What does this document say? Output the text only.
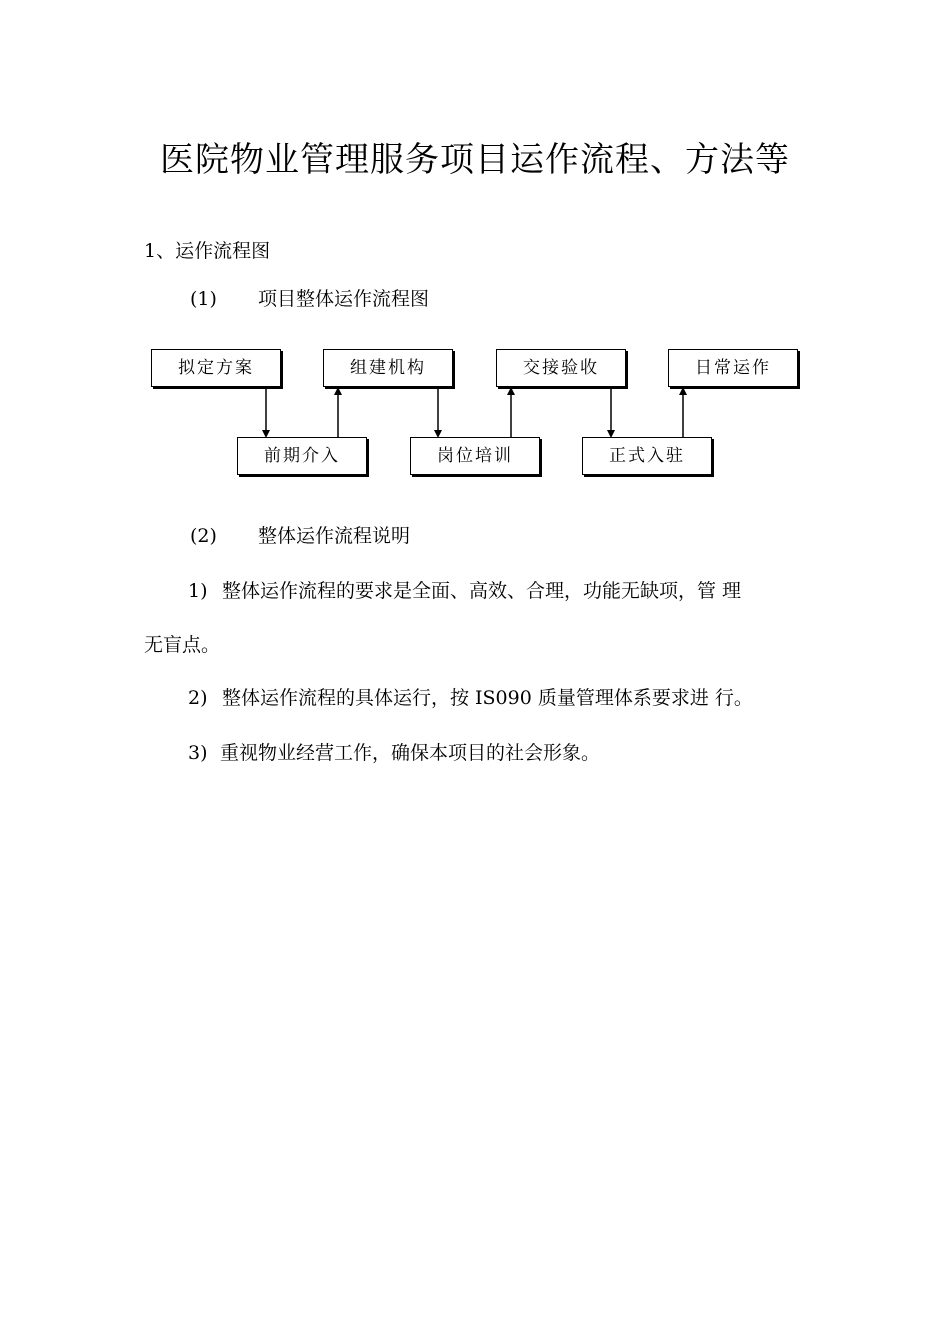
医院物业管理服务项目运作流程、方法等
1、运作流程图
(1) 项目整体运作流程图
拟定方案	组建机构	交接验收	日常运作
前期介入	岗位培训	正式入驻
(2) 整体运作流程说明
1) 整体运作流程的要求是全面、高效、合理，功能无缺项，管 理
无盲点。
2) 整体运作流程的具体运行，按 IS090 质量管理体系要求进 行。
3) 重视物业经营工作，确保本项目的社会形象。
